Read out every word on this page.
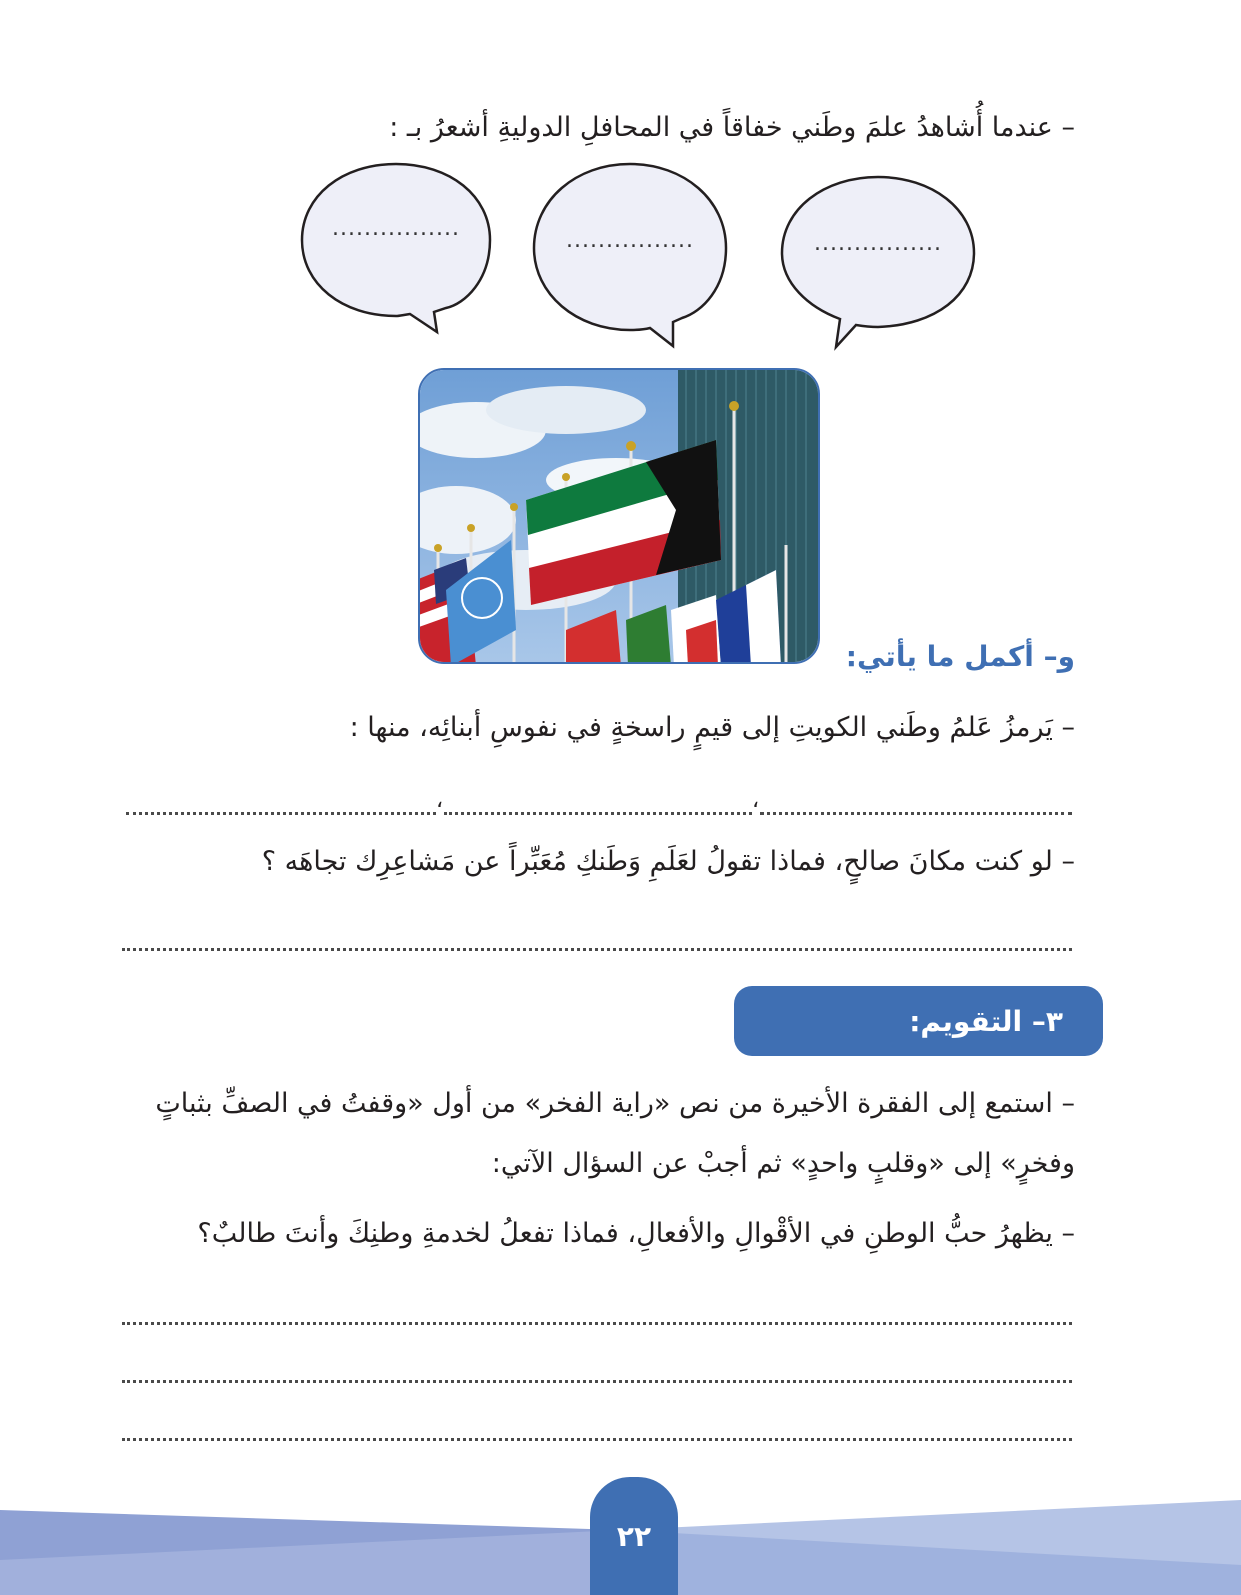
– عندما أُشاهدُ علمَ وطَني خفاقاً في المحافلِ الدوليةِ أشعرُ بـ :
................	................	................
و– أكمل ما يأتي:
– يَرمزُ عَلمُ وطَني الكويتِ إلى قيمٍ راسخةٍ في نفوسِ أبنائِه، منها :
،
،
– لو كنت مكانَ صالحٍ، فماذا تقولُ لعَلَمِ وَطَنكِ مُعَبِّراً عن مَشاعِرِك تجاهَه ؟
٣– التقويم:
– استمع إلى الفقرة الأخيرة من نص «راية الفخر» من أول «وقفتُ في الصفِّ بثباتٍ
وفخرٍ» إلى «وقلبٍ واحدٍ» ثم أجبْ عن السؤال الآتي:
– يظهرُ حبُّ الوطنِ في الأقْوالِ والأفعالِ، فماذا تفعلُ لخدمةِ وطنِكَ وأنتَ طالبٌ؟
٢٢
